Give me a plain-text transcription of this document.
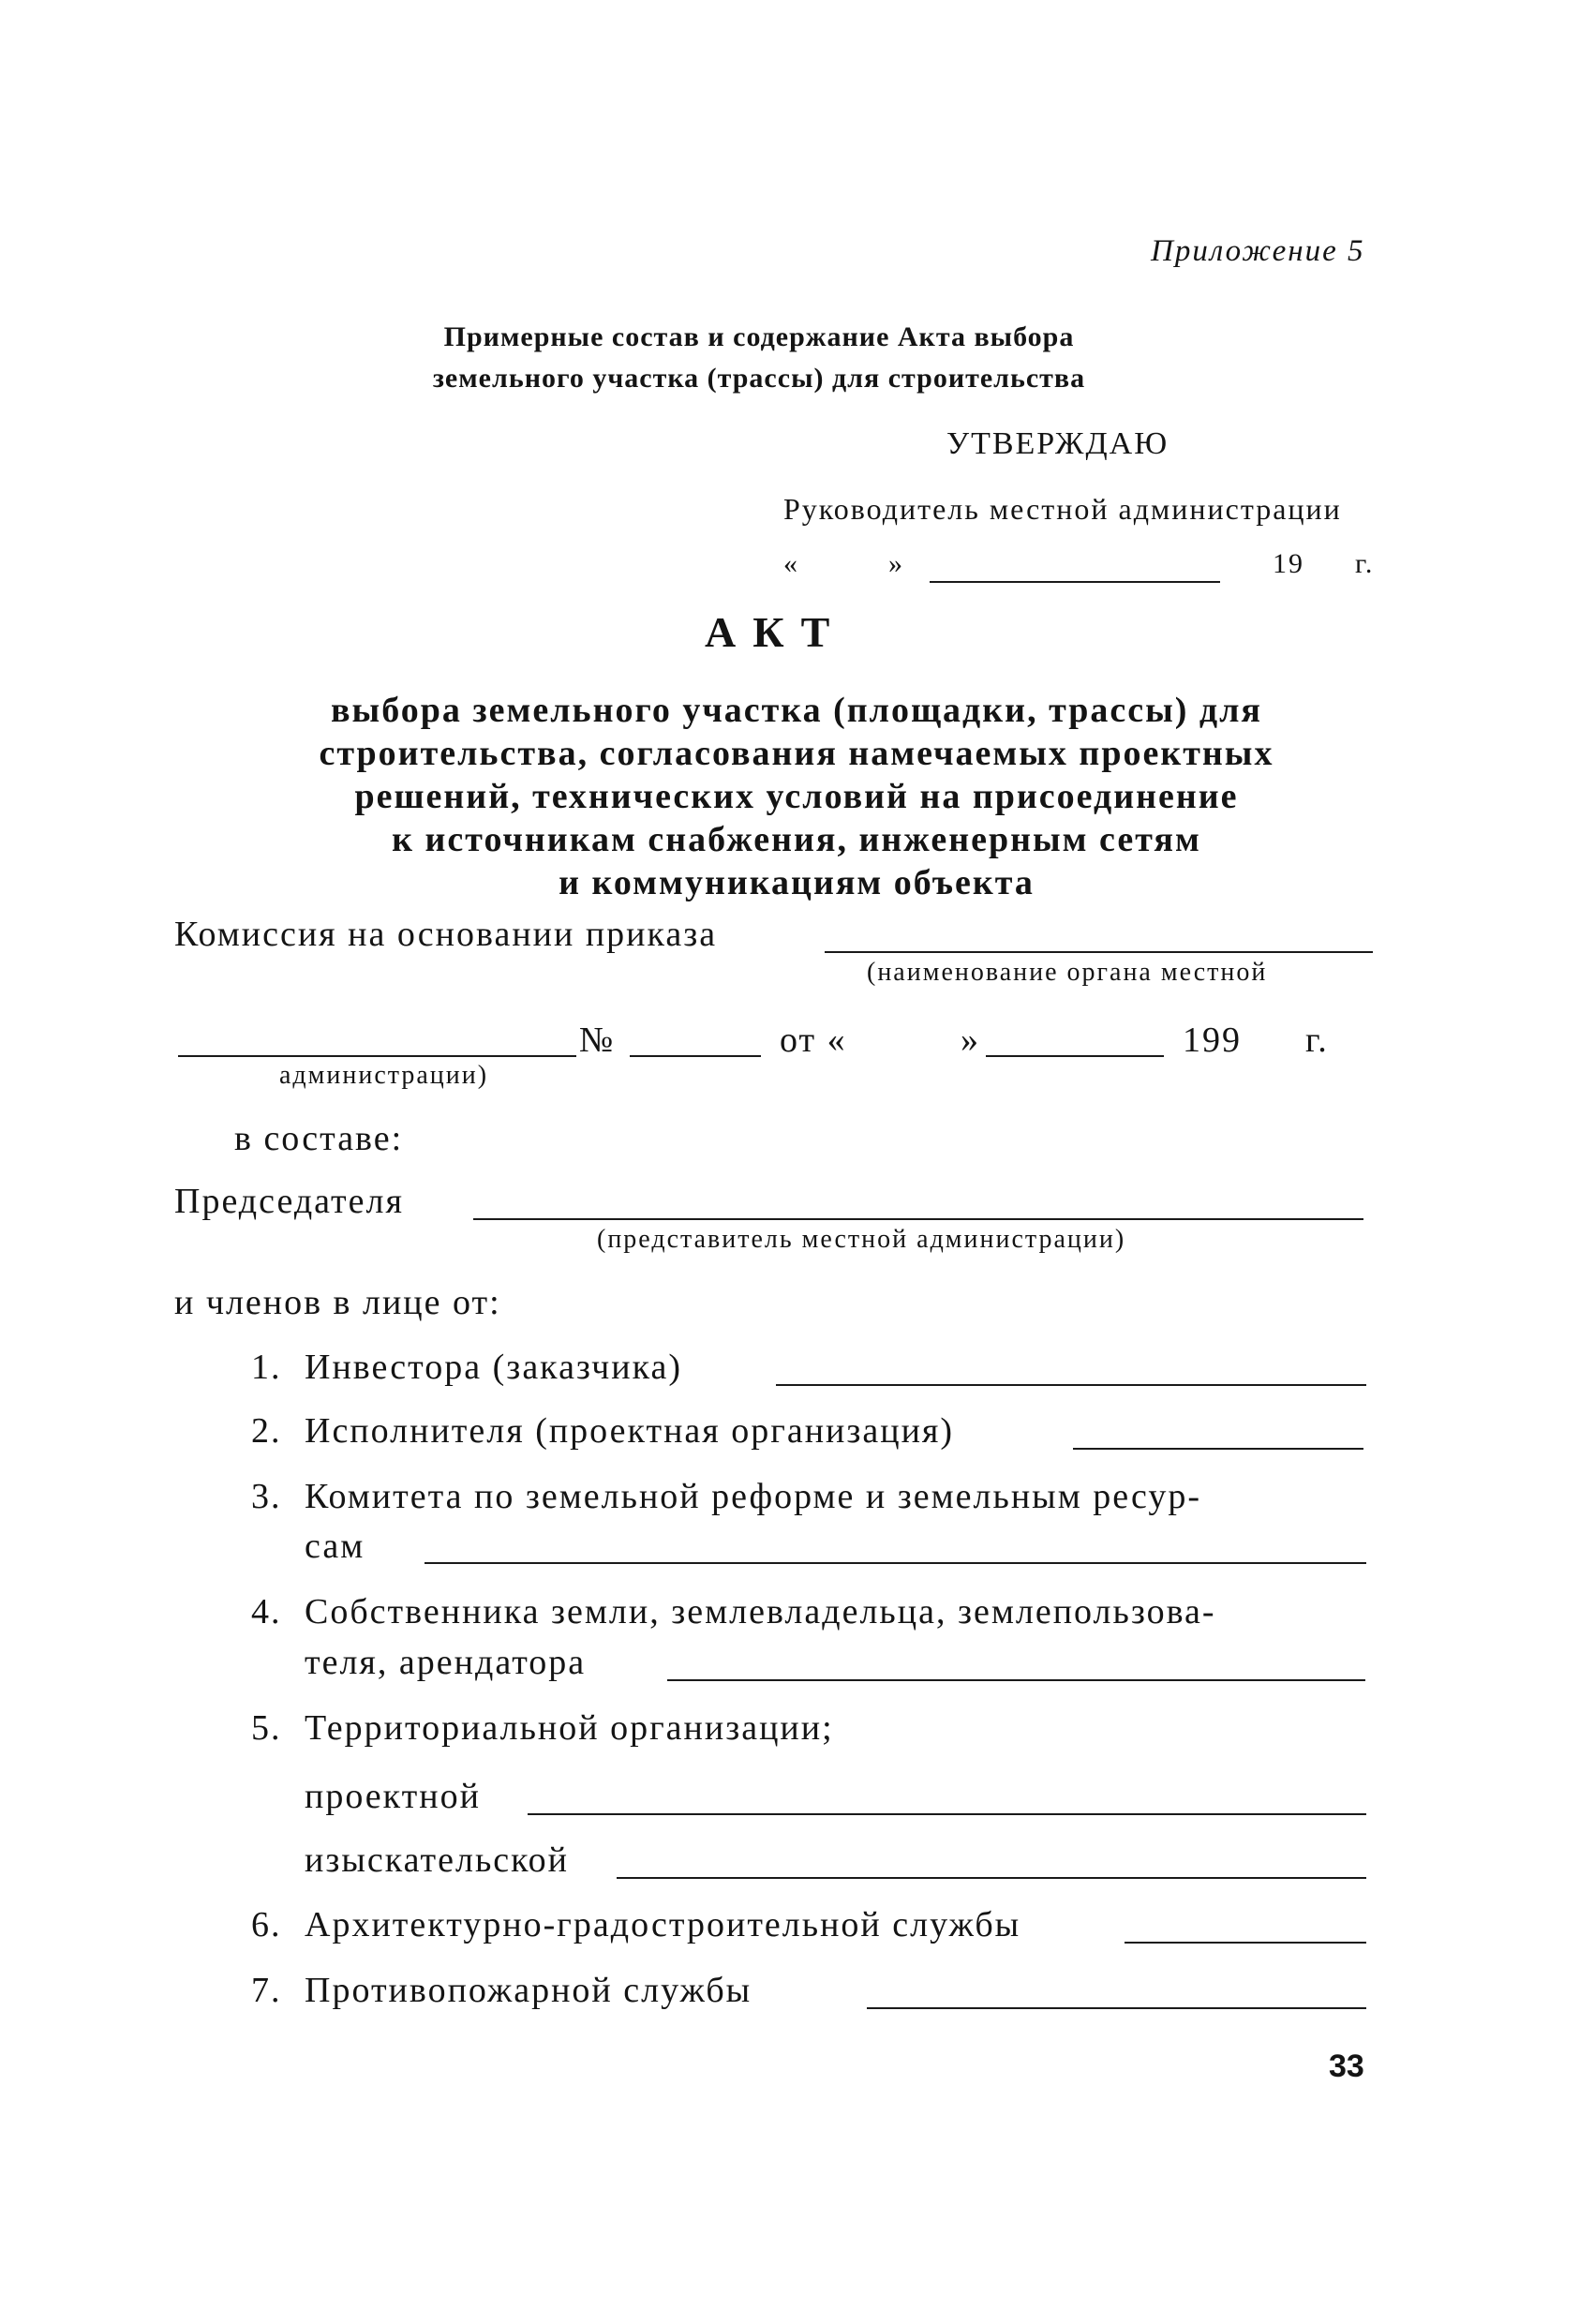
Приложение 5
Примерные состав и содержание Акта выбора
земельного участка (трассы) для строительства
УТВЕРЖДАЮ
Руководитель местной администрации
«	»	19 г.
АКТ
выбора земельного участка (площадки, трассы) для
строительства, согласования намечаемых проектных
решений, технических условий на присоединение
к источникам снабжения, инженерным сетям
и коммуникациям объекта
Комиссия на основании приказа
(наименование органа местной
№	от «	»	199 г.
администрации)
в составе:
Председателя
(представитель местной администрации)
и членов в лице от:
1. Инвестора (заказчика)
2. Исполнителя (проектная организация)
3. Комитета по земельной реформе и земельным ресур-
сам
4. Собственника земли, землевладельца, землепользова-
теля, арендатора
5. Территориальной организации;
проектной
изыскательской
6. Архитектурно-градостроительной службы
7. Противопожарной службы
33
